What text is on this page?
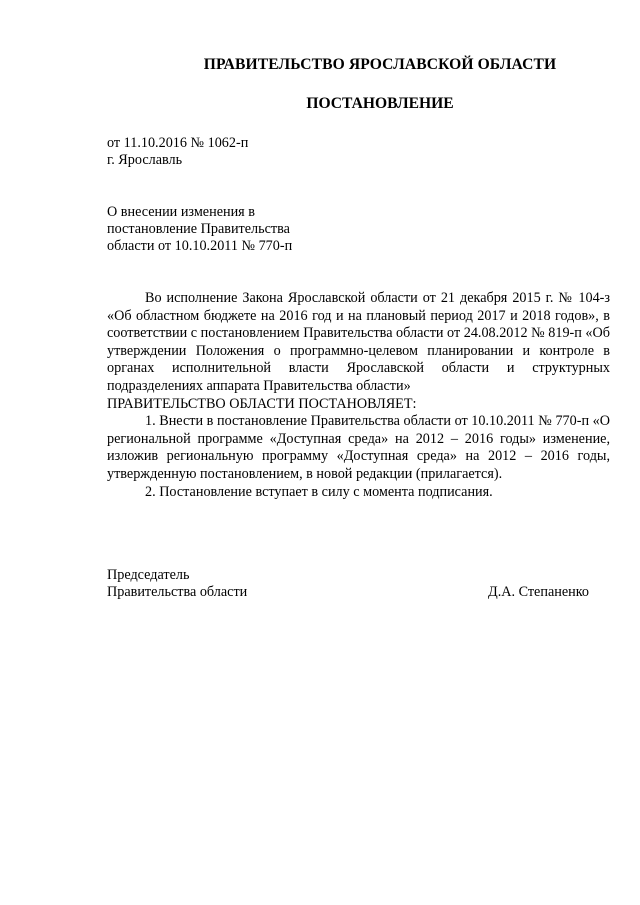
ПРАВИТЕЛЬСТВО ЯРОСЛАВСКОЙ ОБЛАСТИ
ПОСТАНОВЛЕНИЕ
от 11.10.2016 № 1062-п
г. Ярославль
О внесении изменения в
постановление Правительства
области от 10.10.2011 № 770-п

Во исполнение Закона Ярославской области от 21 декабря 2015 г. № 104-з «Об областном бюджете на 2016 год и на плановый период 2017 и 2018 годов», в соответствии с постановлением Правительства области от 24.08.2012 № 819-п «Об утверждении Положения о программно-целевом планировании и контроле в органах исполнительной власти Ярославской области и структурных подразделениях аппарата Правительства области»

ПРАВИТЕЛЬСТВО ОБЛАСТИ ПОСТАНОВЛЯЕТ:

1. Внести в постановление Правительства области от 10.10.2011 № 770-п «О региональной программе «Доступная среда» на 2012 – 2016 годы» изменение, изложив региональную программу «Доступная среда» на 2012 – 2016 годы, утвержденную постановлением, в новой редакции (прилагается).

2. Постановление вступает в силу с момента подписания.

Председатель
Правительства области	Д.А. Степаненко
